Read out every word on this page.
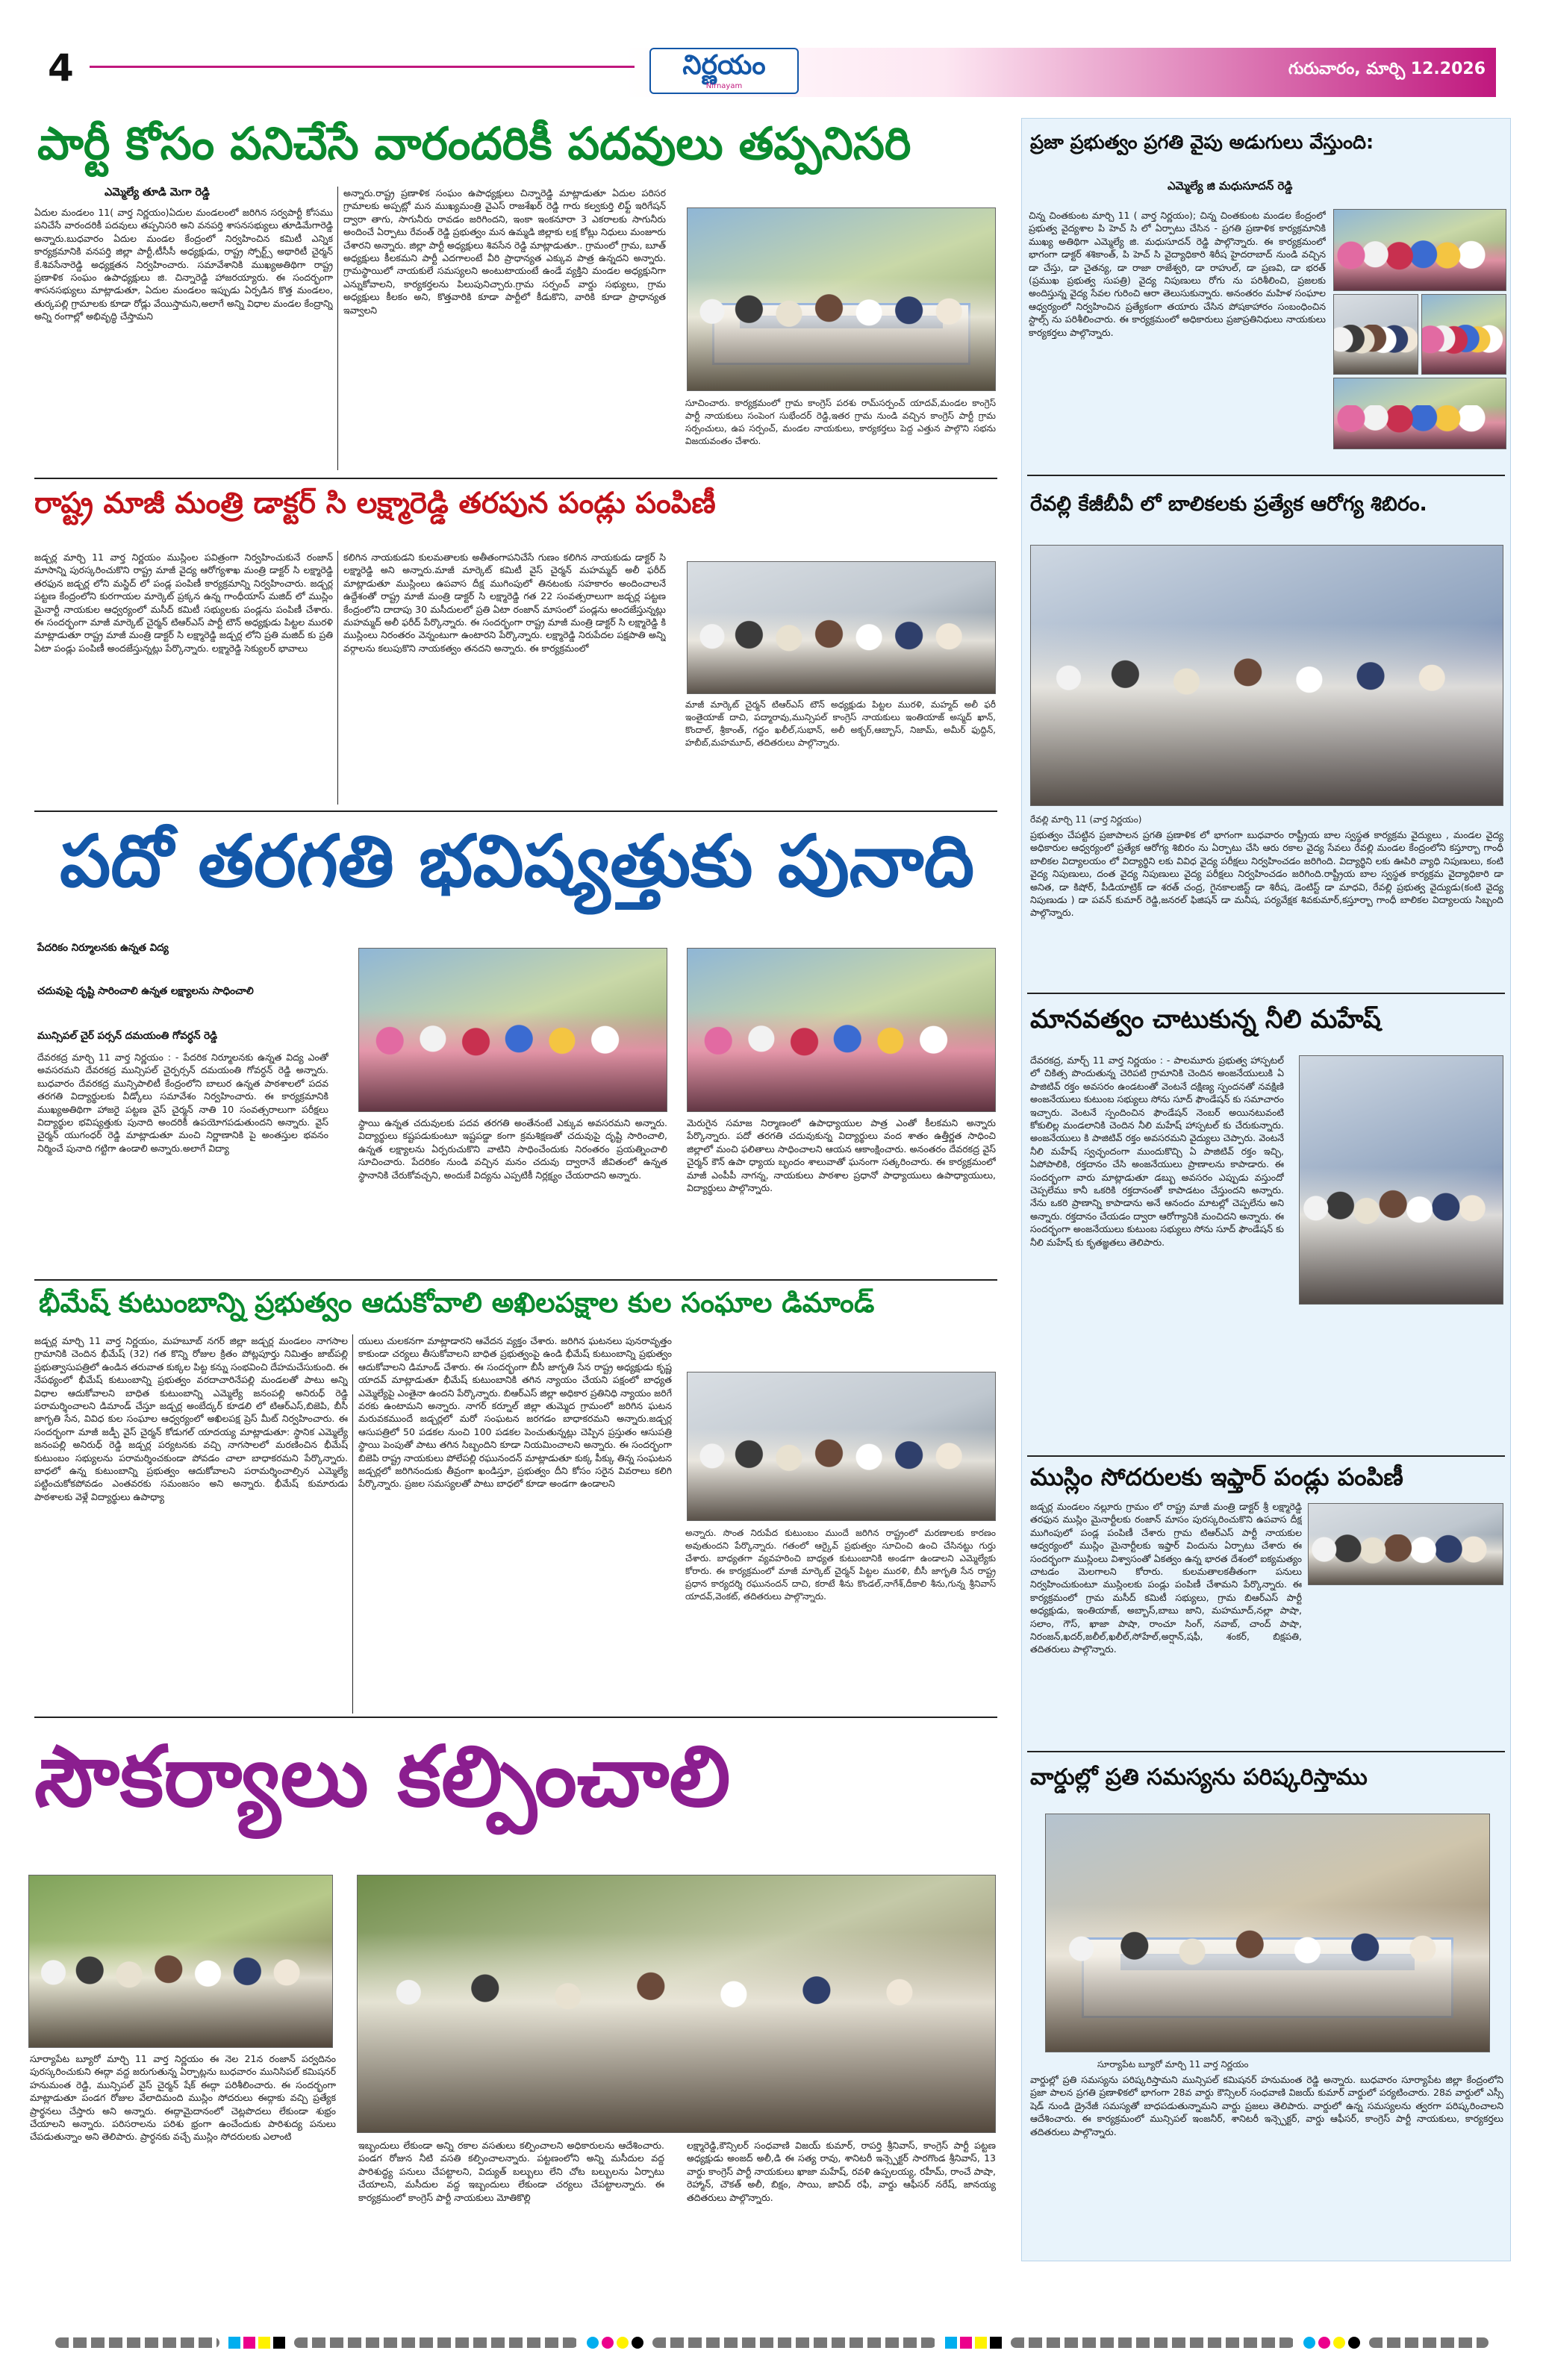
4	నిర్ణయం
Nirnayam
గురువారం, మార్చి 12.2026
పార్టీ కోసం పనిచేసే వారందరికీ పదవులు తప్పనిసరి
ఎమ్మెల్యే తూడి మెగా రెడ్డి
ఏదుల మండలం 11( వార్త నిర్ణయం)ఏదుల మండలంలో జరిగిన సర్వపార్టీ కోసము పనిచేసే వారందరికీ పదవులు తప్పనిసరి అని వనపర్తి శాసనసభ్యులు తూడిమేగారెడ్డి అన్నారు.బుధవారం ఏదుల మండల కేంద్రంలో నిర్వహించిన కమిటీ ఎన్నిక కార్యక్రమానికి వనపర్తి జిల్లా పార్టీ,టీసీసీ అధ్యక్షుడు, రాష్ట్ర స్పోర్ట్స్ అథారిటీ చైర్మన్ కే.శివసేనారెడ్డి అధ్యక్షతన నిర్వహించారు. సమావేశానికి ముఖ్యఅతిథిగా రాష్ట్ర ప్రణాళిక సంఘం ఉపాధ్యక్షులు జి. చిన్నారెడ్డి హాజరయ్యారు. ఈ సందర్భంగా శాసనసభ్యులు మాట్లాడుతూ, ఏదుల మండలం ఇప్పుడు ఏర్పడిన కొత్త మండలం, తుర్కపల్లి గ్రామాలకు కూడా రోడ్లు వేయిస్తామని,అలాగే అన్ని విధాల మండల కేంద్రాన్ని అన్ని రంగాల్లో అభివృద్ధి చేస్తామని
అన్నారు.రాష్ట్ర ప్రణాళిక సంఘం ఉపాధ్యక్షులు చిన్నారెడ్డి మాట్లాడుతూ ఏదుల పరిసర గ్రామాలకు అప్పట్లో మన ముఖ్యమంత్రి వైఎస్ రాజశేఖర్ రెడ్డి గారు కల్వకుర్తి లిఫ్ట్ ఇరిగేషన్ ద్వారా తాగు, సాగునీరు రావడం జరిగిందని, ఇంకా ఇంకనూరా 3 ఎకరాలకు సాగునీరు అందించే ఏర్పాటు రేవంత్ రెడ్డి ప్రభుత్వం మన ఉమ్మడి జిల్లాకు లక్ష కోట్లు నిధులు మంజూరు చేశారని అన్నారు. జిల్లా పార్టీ అధ్యక్షులు శివసేన రెడ్డి మాట్లాడుతూ.. గ్రామంలో గ్రామ, బూత్ అధ్యక్షులు కీలకమని పార్టీ ఎదగాలంటే వీరి ప్రాధాన్యత ఎక్కువ పాత్ర ఉన్నదని అన్నారు. గ్రామస్థాయిలో నాయకులే సమస్యలని అంటుటాయంటే ఉండే వ్యక్తిని మండల అధ్యక్షునిగా ఎన్నుకోవాలని, కార్యకర్తలను పిలుపునిచ్చారు.గ్రామ సర్పంచ్ వార్డు సభ్యులు, గ్రామ అధ్యక్షులు కీలకం అని, కొత్తవారికి కూడా పార్టీలో కీడుకొని, వారికి కూడా ప్రాధాన్యత ఇవ్వాలని
సూచించారు. కార్యక్రమంలో గ్రామ కాంగ్రెస్ పరశు రామ్‌సర్పంచ్ యాదవ్,మండల కాంగ్రెస్ పార్టీ నాయకులు సంపెంగ సుభేందర్ రెడ్డి,ఇతర గ్రామ నుండి వచ్చిన కాంగ్రెస్ పార్టీ గ్రామ సర్పంచులు, ఉప సర్పంచ్, మండల నాయకులు, కార్యకర్తలు పెద్ద ఎత్తున పాల్గొని సభను విజయవంతం చేశారు.
రాష్ట్ర మాజీ మంత్రి డాక్టర్ సి లక్ష్మారెడ్డి తరపున పండ్లు పంపిణీ
జడ్చర్ల మార్చి 11 వార్త నిర్ణయం ముస్లింల పవిత్రంగా నిర్వహించుకునే రంజాన్ మాసాన్ని పురస్కరించుకొని రాష్ట్ర మాజీ వైద్య ఆరోగ్యశాఖ మంత్రి డాక్టర్ సి లక్ష్మారెడ్డి తరఫున జడ్చర్ల లోని మస్జిద్ లో పండ్ల పంపిణీ కార్యక్రమాన్ని నిర్వహించారు. జడ్చర్ల పట్టణ కేంద్రంలోని కురగాయల మార్కెట్ ప్రక్కన ఉన్న గాంధీయాస్ మజిద్ లో ముస్లిం మైనార్టీ నాయకుల ఆధ్వర్యంలో మసీద్ కమిటీ సభ్యులకు పండ్లను పంపిణీ చేశారు. ఈ సందర్భంగా మాజీ మార్కెట్ చైర్మన్ టిఆర్ఎస్ పార్టీ టౌన్ అధ్యక్షుడు పిట్టల మురళి మాట్లాడుతూ రాష్ట్ర మాజీ మంత్రి డాక్టర్ సి లక్ష్మారెడ్డి జడ్చర్ల లోని ప్రతి మజిద్ కు ప్రతి ఏటా పండ్లు పంపిణీ అందజేస్తున్నట్లు పేర్కొన్నారు. లక్ష్మారెడ్డి సెక్యులర్ భావాలు
కలిగిన నాయకుడని కులమతాలకు అతీతంగాపనిచేసే గుణం కలిగిన నాయకుడు డాక్టర్ సి లక్ష్మారెడ్డి అని అన్నారు.మాజీ మార్కెట్ కమిటీ వైస్ చైర్మన్ మహమ్మద్ అలీ ఫరీద్ మాట్లాడుతూ ముస్లింలు ఉపవాస దీక్ష ముగింపులో తినటంకు సహకారం అందించాలనే ఉద్దేశంతో రాష్ట్ర మాజీ మంత్రి డాక్టర్ సి లక్ష్మారెడ్డి గత 22 సంవత్సరాలుగా జడ్చర్ల పట్టణ కేంద్రంలోని దాదాపు 30 మసీదులలో ప్రతి ఏటా రంజాన్ మాసంలో పండ్లను అందజేస్తున్నట్లు మహమ్మద్ అలీ ఫరీద్ పేర్కొన్నారు. ఈ సందర్భంగా రాష్ట్ర మాజీ మంత్రి డాక్టర్ సి లక్ష్మారెడ్డి కి ముస్లింలు నిరంతరం వెన్నంటుగా ఉంటారని పేర్కొన్నారు. లక్ష్మారెడ్డి నిరుపేదల పక్షపాతి అన్ని వర్గాలను కలుపుకొని నాయకత్వం తనదని అన్నారు. ఈ కార్యక్రమంలో
మాజీ మార్కెట్ చైర్మన్ టిఆర్ఎస్ టౌన్ అధ్యక్షుడు పిట్టల మురళి, మహ్మద్ అలీ ఫరీ ఇంతైయాజ్ దాచి, పద్మారావు,మున్సిపల్ కాంగ్రెస్ నాయకులు ఇంతియాజ్ అస్మద్ ఖాన్, కొందాల్, శ్రీకాంత్, గద్దం ఖలీల్,సుభాన్, అలీ అక్బర్,ఆబ్బాస్, నిజామ్, అమీర్ ఫుద్దిన్, హబీబ్,మహమూద్, తదితరులు పాల్గొన్నారు.
పదో తరగతి భవిష్యత్తుకు పునాది
పేదరికం నిర్మూలనకు ఉన్నత విద్య
చదువుపై దృష్టి సారించాలి ఉన్నత లక్ష్యాలను సాధించాలి
మున్సిపల్ చైర్ పర్సన్ దమయంతి గోవర్ధన్ రెడ్డి
దేవరకద్ర మార్చి 11 వార్త నిర్ణయం : - పేదరిక నిర్మూలనకు ఉన్నత విద్య ఎంతో అవసరమని దేవరకద్ర మున్సిపల్ చైర్పర్సన్ దమయంతి గోవర్ధన్ రెడ్డి అన్నారు. బుధవారం దేవరకద్ర మున్సిపాలిటీ కేంద్రంలోని బాలుర ఉన్నత పాఠశాలలో పదవ తరగతి విద్యార్థులకు వీడ్కోలు సమావేశం నిర్వహించారు. ఈ కార్యక్రమానికి ముఖ్యఅతిథిగా హాజరై పట్టణ వైస్ చైర్మన్ నాతి 10 సంవత్సరాలుగా పరీక్షలు విద్యార్థుల భవిష్యత్తుకు పునాది అందరికీ ఉపయోగపడుతుందని అన్నారు. వైస్ చైర్మన్ యుగంధర్ రెడ్డి మాట్లాడుతూ మంచి నిర్ణాణానికి పై అంతస్తుల భవనం నిర్మించే పునాది గట్టిగా ఉండాలి అన్నారు.అలాగే విద్యా
స్థాయి ఉన్నత చదువులకు పదవ తరగతి అంతేనంటే ఎక్కువ అవసరమని అన్నారు. విద్యార్థులు కష్టపడుకుంటూ ఇష్టపడ్డా కంగా క్రమశిక్షణతో చదువుపై దృష్టి సారించాలి, ఉన్నత లక్ష్యాలను ఏర్పరుచుకొని వాటిని సాధించేందుకు నిరంతరం ప్రయత్నించాలి సూచించారు. పేదరికం నుండి వచ్చిన మనం చదువు ద్వారానే జీవితంలో ఉన్నత స్థానానికి చేరుకోవచ్చని, అందుకే విద్యను ఎప్పటికీ నిర్లక్ష్యం చేయరాదని అన్నారు.
మెరుగైన సమాజ నిర్మాణంలో ఉపాధ్యాయుల పాత్ర ఎంతో కీలకమని అన్నారు పేర్కొన్నారు. పదో తరగతి చదువుకున్న విద్యార్థులు వంద శాతం ఉత్తీర్ణత సాధించి జిల్లాలో మంచి ఫలితాలు సాధించాలని ఆయన ఆకాంక్షించారు. అనంతరం దేవరకద్ర వైస్ చైర్మన్ కౌన్ ఉపా ధ్యాయ బృందం శాలువాతో ఘనంగా సత్కరించారు. ఈ కార్యక్రమంలో మాజీ ఎంపీపీ నాగన్న, నాయకులు పాఠశాల ప్రధానో పాధ్యాయులు ఉపాధ్యాయులు, విద్యార్థులు పాల్గొన్నారు.
భీమేష్ కుటుంబాన్ని ప్రభుత్వం ఆదుకోవాలి అఖిలపక్షాల కుల సంఘాల డిమాండ్
జడ్చర్ల మార్చి 11 వార్త నిర్ణయం, మహబూబ్ నగర్ జిల్లా జడ్చర్ల మండలం నాగసాల గ్రామానికి చెందిన భీమేష్ (32) గత కొన్ని రోజుల క్రితం పోట్లపూర్తు నిమిత్తం జాబ్‌పల్లి ప్రభుత్వాసుపత్రిలో ఉండిన తరువాత కుక్కల పిట్ట కన్ను సంభవించి దేహమచేసుకుంది. ఈ నేపథ్యంలో భీమేష్ కుటుంబాన్ని ప్రభుత్వం వరదాచారినేపల్లి మండలతో పాటు అన్ని విధాల ఆదుకోవాలని బాధిత కుటుంబాన్ని ఎమ్మెల్యే జనంపల్లి అనిరుధ్ రెడ్డి పరామర్శించాలని డిమాండ్ చేస్తూ జడ్చర్ల అంబేద్కర్ కూడలి లో టిఆర్ఎస్,బిజెపి, బీసీ జాగృతి సేన, వివిధ కుల సంఘాల ఆధ్వర్యంలో అఖిలపక్ష ప్రెస్ మీట్ నిర్వహించారు. ఈ సందర్భంగా మాజీ జడ్పీ వైస్ చైర్మన్ కోడుగల్ యాదయ్య మాట్లాడుతూ: స్థానిక ఎమ్మెల్యే జనంపల్లి అనిరుధ్ రెడ్డి జడ్చర్ల పర్యటనకు వచ్చి నాగసాలలో మరణించిన భీమేష్ కుటుంబం సభ్యులను పరామర్శించకుండా పోవడం చాలా బాధాకరమని పేర్కొన్నారు. బాధలో ఉన్న కుటుంబాన్ని ప్రభుత్వం ఆదుకోవాలని పరామర్శించాల్సిన ఎమ్మెల్యే పట్టించుకోకపోవడం ఎంతవరకు సమంజసం అని అన్నారు. భీమేష్ కుమారుడు పాఠశాలకు వెళ్లే విద్యార్థులు ఉపాధ్యా
యులు చులకనగా మాట్లాడారని ఆవేదన వ్యక్తం చేశారు. జరిగిన ఘటనలు పునరావృత్తం కాకుండా చర్యలు తీసుకోవాలని బాధిత ప్రభుత్వంపై ఉండి భీమేష్ కుటుంబాన్ని ప్రభుత్వం ఆదుకోవాలని డిమాండ్ చేశారు. ఈ సందర్భంగా బీసీ జాగృతి సేన రాష్ట్ర అధ్యక్షుడు కృష్ణ యాదవ్ మాట్లాడుతూ భీమేష్ కుటుంబానికి తగిన న్యాయం చేయని పక్షంలో బాధ్యత ఎమ్మెల్యేపై ఎంతైనా ఉందని పేర్కొన్నారు. బిఆర్ఎస్ జిల్లా అధికార ప్రతినిధి న్యాయం జరిగే వరకు ఉంటామని అన్నారు. నాగర్ కర్నూల్ జిల్లా తుమ్మెద గ్రామంలో జరిగిన ఘటన మరువకముందే జడ్చర్లలో మరో సంఘటన జరగడం బాధాకరమని అన్నారు.జడ్చర్ల ఆసుపత్రిలో 50 పడకల నుంచి 100 పడకల పెంచుతున్నట్లు చెప్పిన ప్రస్తుతం ఆసుపత్రి స్థాయి పెంపుతో పాటు తగిన సిబ్బందిని కూడా నియమించాలని అన్నారు. ఈ సందర్భంగా బిజెపి రాష్ట్ర నాయకులు పోలేపల్లి రఘునందన్ మాట్లాడుతూ కుక్క పీక్కు తిన్న సంఘటన జడ్చర్లలో జరిగినందుకు తీవ్రంగా ఖండిస్తూ, ప్రభుత్వం దీని కోసం సరైన వివరాలు కలిగి పేర్కొన్నారు. ప్రజల సమస్యలతో పాటు బాధలో కూడా అండగా ఉండాలని
అన్నారు. సొంత నిరుపేద కుటుంబం ముందే జరిగిన రాష్ట్రంలో మరణాలకు కారణం అవుతుందని పేర్కొన్నారు. గతంలో ఆర్కైవ్ ప్రభుత్వం సూచించి ఉంచి చేసినట్టు గుర్తు చేశారు. బాధ్యతగా వ్యవహరించి బాధ్యత కుటుంబానికి అండగా ఉండాలని ఎమ్మెల్యేకు కోరారు. ఈ కార్యక్రమంలో మాజీ మార్కెట్ చైర్మన్ పిట్టల మురళి, బీసీ జాగృతి సేన రాష్ట్ర ప్రధాన కార్యదర్శి రఘునందన్ దాచి, కరాటే శీను కొండల్,నాగేశ్,దీకాలి శీను,గున్న శ్రీనివాస్ యాదవ్,వెంకట్, తదితరులు పాల్గొన్నారు.
సౌకర్యాలు కల్పించాలి
సూర్యాపేట బ్యూరో మార్చి 11 వార్త నిర్ణయం ఈ నెల 21న రంజాన్ పర్వదినం పురస్కరించుకుని ఈద్గా వద్ద జరుగుతున్న ఏర్పాట్లను బుధవారం మునిసిపల్ కమిషనర్ హనుమంత రెడ్డి, మున్సిపల్ వైస్ చైర్మన్ షేక్ ఈద్గా పరిశీలించారు. ఈ సందర్భంగా మాట్లాడుతూ పండగ రోజుల వేలాదిమంది ముస్లిం సోదరులు ఈద్గాకు వచ్చి ప్రత్యేక ప్రార్థనలు చేస్తారు అని అన్నారు. ఈద్గామైదానంలో చెట్లపొదలు లేకుండా శుభ్రం చేయాలని అన్నారు. పరిసరాలను పరిశు భ్రంగా ఉంచేందుకు పారిశుద్య పనులు చేపడుతున్నాం అని తెలిపారు. ప్రార్ధనకు వచ్చే ముస్లిం సోదరులకు ఎలాంటి
ఇబ్బందులు లేకుండా అన్ని రకాల వసతులు కల్పించాలని అధికారులను ఆదేశించారు. పండగ రోజున నీటి వసతి కల్పించాలన్నారు. పట్టణంలోని అన్ని మసీదుల వద్ద పారిశుద్ధ్య పనులు చేపట్టాలని, విద్యుత్ బల్బులు లేని చోట బల్బులను ఏర్పాటు చేయాలని, మసీదుల వద్ద ఇబ్బందులు లేకుండా చర్యలు చేపట్టాలన్నారు. ఈ కార్యక్రమంలో కాంగ్రెస్ పార్టీ నాయకులు మోతికొల్లి
లక్ష్మారెడ్డి,కౌన్సిలర్ సంధవాణి విజయ్ కుమార్, రాపర్తి శ్రీనివాస్, కాంగ్రెస్ పార్టీ పట్టణ అధ్యక్షుడు అంజద్ అలీ,డి ఈ సత్య రావు, శానిటరీ ఇన్స్పెక్టర్ సారగొండ శ్రీనివాస్, 13 వార్డు కాంగ్రెస్ పార్టీ నాయకులు ఖాజా మహేష్, రవళి ఉప్పలయ్య, రహీమ్, రాంచే పాషా, రెహ్మాన్, చౌకత్ అలీ, బిక్షం, సాయి, జావిద్ రఫీ, వార్డు ఆఫీసర్ నరేష్, జానయ్య తదితరులు పాల్గొన్నారు.
ప్రజా ప్రభుత్వం ప్రగతి వైపు అడుగులు వేస్తుంది:
ఎమ్మెల్యే జి మధుసూదన్ రెడ్డి
చిన్న చింతకుంట మార్చి 11 ( వార్త నిర్ణయం); చిన్న చింతకుంట మండల కేంద్రంలో ప్రభుత్వ వైద్యశాల పి హెచ్ సి లో ఏర్పాటు చేసిన - ప్రగతి ప్రణాళిక కార్యక్రమానికి ముఖ్య అతిథిగా ఎమ్మెల్యే జి. మధుసూదన్ రెడ్డి పాల్గొన్నారు. ఈ కార్యక్రమంలో భాగంగా డాక్టర్ శశికాంత్, పి హెచ్ సి వైద్యాధికారి శిరీష హైదరాబాద్ నుండి వచ్చిన డా చేస్తు, డా చైతన్య, డా రాజా రాజేశ్వరి, డా రాహుల్, డా ప్రణవి, డా భరత్ (ప్రముఖ ప్రభుత్వ సుపత్రి) వైద్య నిపుణులు రోగు ను పరిశీలించి, ప్రజలకు అందిస్తున్న వైద్య సేవల గురించి ఆరా తెలుసుకున్నారు. అనంతరం మహిళ సంఘాల ఆధ్వర్యంలో నిర్వహించిన ప్రత్యేకంగా తయారు చేసిన పోషకాహారం సంబంధించిన స్టాల్స్ ను పరిశీలించారు. ఈ కార్యక్రమంలో అధికారులు ప్రజాప్రతినిధులు నాయకులు కార్యకర్తలు పాల్గొన్నారు.
రేవల్లి కేజీబీవీ లో బాలికలకు ప్రత్యేక ఆరోగ్య శిబిరం.
రేవల్లి మార్చి 11 (వార్త నిర్ణయం)
ప్రభుత్వం చేపట్టిన ప్రజాపాలన ప్రగతి ప్రణాళిక లో భాగంగా బుధవారం రాష్ట్రీయ బాల స్వస్థత కార్యక్రమ వైద్యులు , మండల వైద్య అధికారుల ఆధ్వర్యంలో ప్రత్యేక ఆరోగ్య శిబిరం ను ఏర్పాటు చేసి ఆరు రకాల వైద్య సేవలు రేవల్లి మండల కేంద్రంలోని కస్తూర్బా గాంధీ బాలికల విద్యాలయం లో విద్యార్థిని లకు వివిధ వైద్య పరీక్షలు నిర్వహించడం జరిగింది. విద్యార్థిని లకు ఊపిరి వ్యాధి నిపుణులు, కంటి వైద్య నిపుణులు, దంత వైద్య నిపుణులు వైద్య పరీక్షలు నిర్వహించడం జరిగింది.రాష్ట్రీయ బాల స్వస్థత కార్యక్రమ వైద్యాధికారి డా అనిత, డా కిషోర్, పీడియాట్రిక్ డా శరత్ చంద్ర, గైనకాలజిస్ట్ డా శిరీష, డెంటిస్ట్ డా మాధవి, రేవల్లి ప్రభుత్వ వైద్యుడు(కంటి వైద్య నిపుణుడు ) డా పవన్ కుమార్ రెడ్డి,జనరల్ ఫిజిషన్ డా మనీష, పర్యవేక్షక శివకుమార్,కస్తూర్బా గాంధీ బాలికల విద్యాలయ సిబ్బంది పాల్గొన్నారు.
మానవత్వం చాటుకున్న నీలి మహేష్
దేవరకద్ర, మార్చ్ 11 వార్త నిర్ణయం : - పాలమూరు ప్రభుత్వ హాస్పటల్ లో చికిత్స పొందుతున్న చెరిపటి గ్రామానికి చెందిన అంజనేయులుకి ఏ పాజిటివ్ రక్తం అవసరం ఉండటంతో వెంటనే దక్షిణ్య స్పందనతో నవక్షిణి అంజనేయులు కుటుంబ సభ్యులు సోను సూద్ ఫౌండేషన్ కు సమాచారం ఇచ్చారు. వెంటనే స్పందించిన ఫౌండేషన్ నెంబర్ అయినటువంటి కోకులిల్ల మండలానికి చెందిన నీలి మహేష్ హాస్పటల్ కు చేరుకున్నారు. అంజనేయులు కి పాజిటివ్ రక్తం అవసరమని వైద్యులు చెప్పారు. వెంటనే నీలి మహేష్ స్వచ్ఛందంగా ముందుకొచ్చి ఏ పాజిటివ్ రక్తం ఇచ్చి, ఏపోపాలికి, రక్తదానం చేసి అంజనేయులు ప్రాణాలను కాపాడారు. ఈ సందర్భంగా వారు మాట్లాడుతూ డబ్బు అవసరం ఎప్పుడు వస్తుందో చెప్పలేము కానీ ఒకరికి రక్తదానంతో కాపాడటం చేస్తుందని అన్నారు. నేను ఒకరి ప్రాణాన్ని కాపాడాను అనే ఆనందం మాటల్లో చెప్పలేను అని అన్నారు. రక్తదానం చేయడం ద్వారా ఆరోగ్యానికి మంచిదని అన్నారు. ఈ సందర్భంగా అంజనేయులు కుటుంబ సభ్యులు సోను సూద్ ఫౌండేషన్ కు నీలి మహేష్ కు కృతజ్ఞతలు తెలిపారు.
ముస్లిం సోదరులకు ఇఫ్తార్ పండ్లు పంపిణీ
జడ్చర్ల మండలం నల్లూరు గ్రామం లో రాష్ట్ర మాజీ మంత్రి డాక్టర్ శ్రీ లక్ష్మారెడ్డి తరఫున ముస్లిం మైనార్టీలకు రంజాన్ మాసం పురస్కరించుకొని ఉపవాస దీక్ష ముగింపులో పండ్ల పంపిణీ చేశారు గ్రామ టిఆర్ఎస్ పార్టీ నాయకుల ఆధ్వర్యంలో ముస్లిం మైనార్టీలకు ఇఫ్తార్ విందును ఏర్పాటు చేశారు ఈ సందర్భంగా ముస్లింలు విశ్వాసంతో ఏకత్వం ఉన్న భారత దేశంలో ఐక్యమత్యం చాటడం మెలగాలని కోరారు. కులమతాలకతీతంగా పనులు నిర్వహించుకుంటూ ముస్లింలకు పండ్లు పంపిణీ చేశామని పేర్కొన్నారు. ఈ కార్యక్రమంలో గ్రామ మసీద్ కమిటీ సభ్యులు, గ్రామ బిఆర్ఎస్ పార్టీ అధ్యక్షుడు, ఇంతియాజ్, అబ్బాస్,బాబు జాని, మహమూద్,నల్లా పాషా, సలాం, గౌస్, ఖాజా పాషా, రాంచూ సింగ్, నవాబ్, చాంద్ పాషా, నిరంజన్,ఖదర్,జలీల్,ఖలీల్,సోహేల్,అర్షాన్,షఫీ, శంకర్, బిక్షపతి, తదితరులు పాల్గొన్నారు.
వార్డుల్లో ప్రతి సమస్యను పరిష్కరిస్తాము
సూర్యాపేట బ్యూరో మార్చి 11 వార్త నిర్ణయం
వార్డుల్లో ప్రతి సమస్యను పరిష్కరిస్తామని మున్సిపల్ కమిషనర్ హనుమంత రెడ్డి అన్నారు. బుధవారం సూర్యాపేట జిల్లా కేంద్రంలోని ప్రజా పాలన ప్రగతి ప్రణాళికలో భాగంగా 28వ వార్డు కౌన్సిలర్ సంధవాణి విజయ్ కుమార్ వార్డులో పర్యటించారు. 28వ వార్డులో ఎస్సీ షెడ్ నుండి డ్రైనేజీ సమస్యతో బాధపడుతున్నామని వార్డు ప్రజలు తెలిపారు. వార్డులో ఉన్న సమస్యలను త్వరగా పరిష్కరించాలని ఆదేశించారు. ఈ కార్యక్రమంలో మున్సిపల్ ఇంజనీర్, శానిటరీ ఇన్స్పెక్టర్, వార్డు ఆఫీసర్, కాంగ్రెస్ పార్టీ నాయకులు, కార్యకర్తలు తదితరులు పాల్గొన్నారు.
